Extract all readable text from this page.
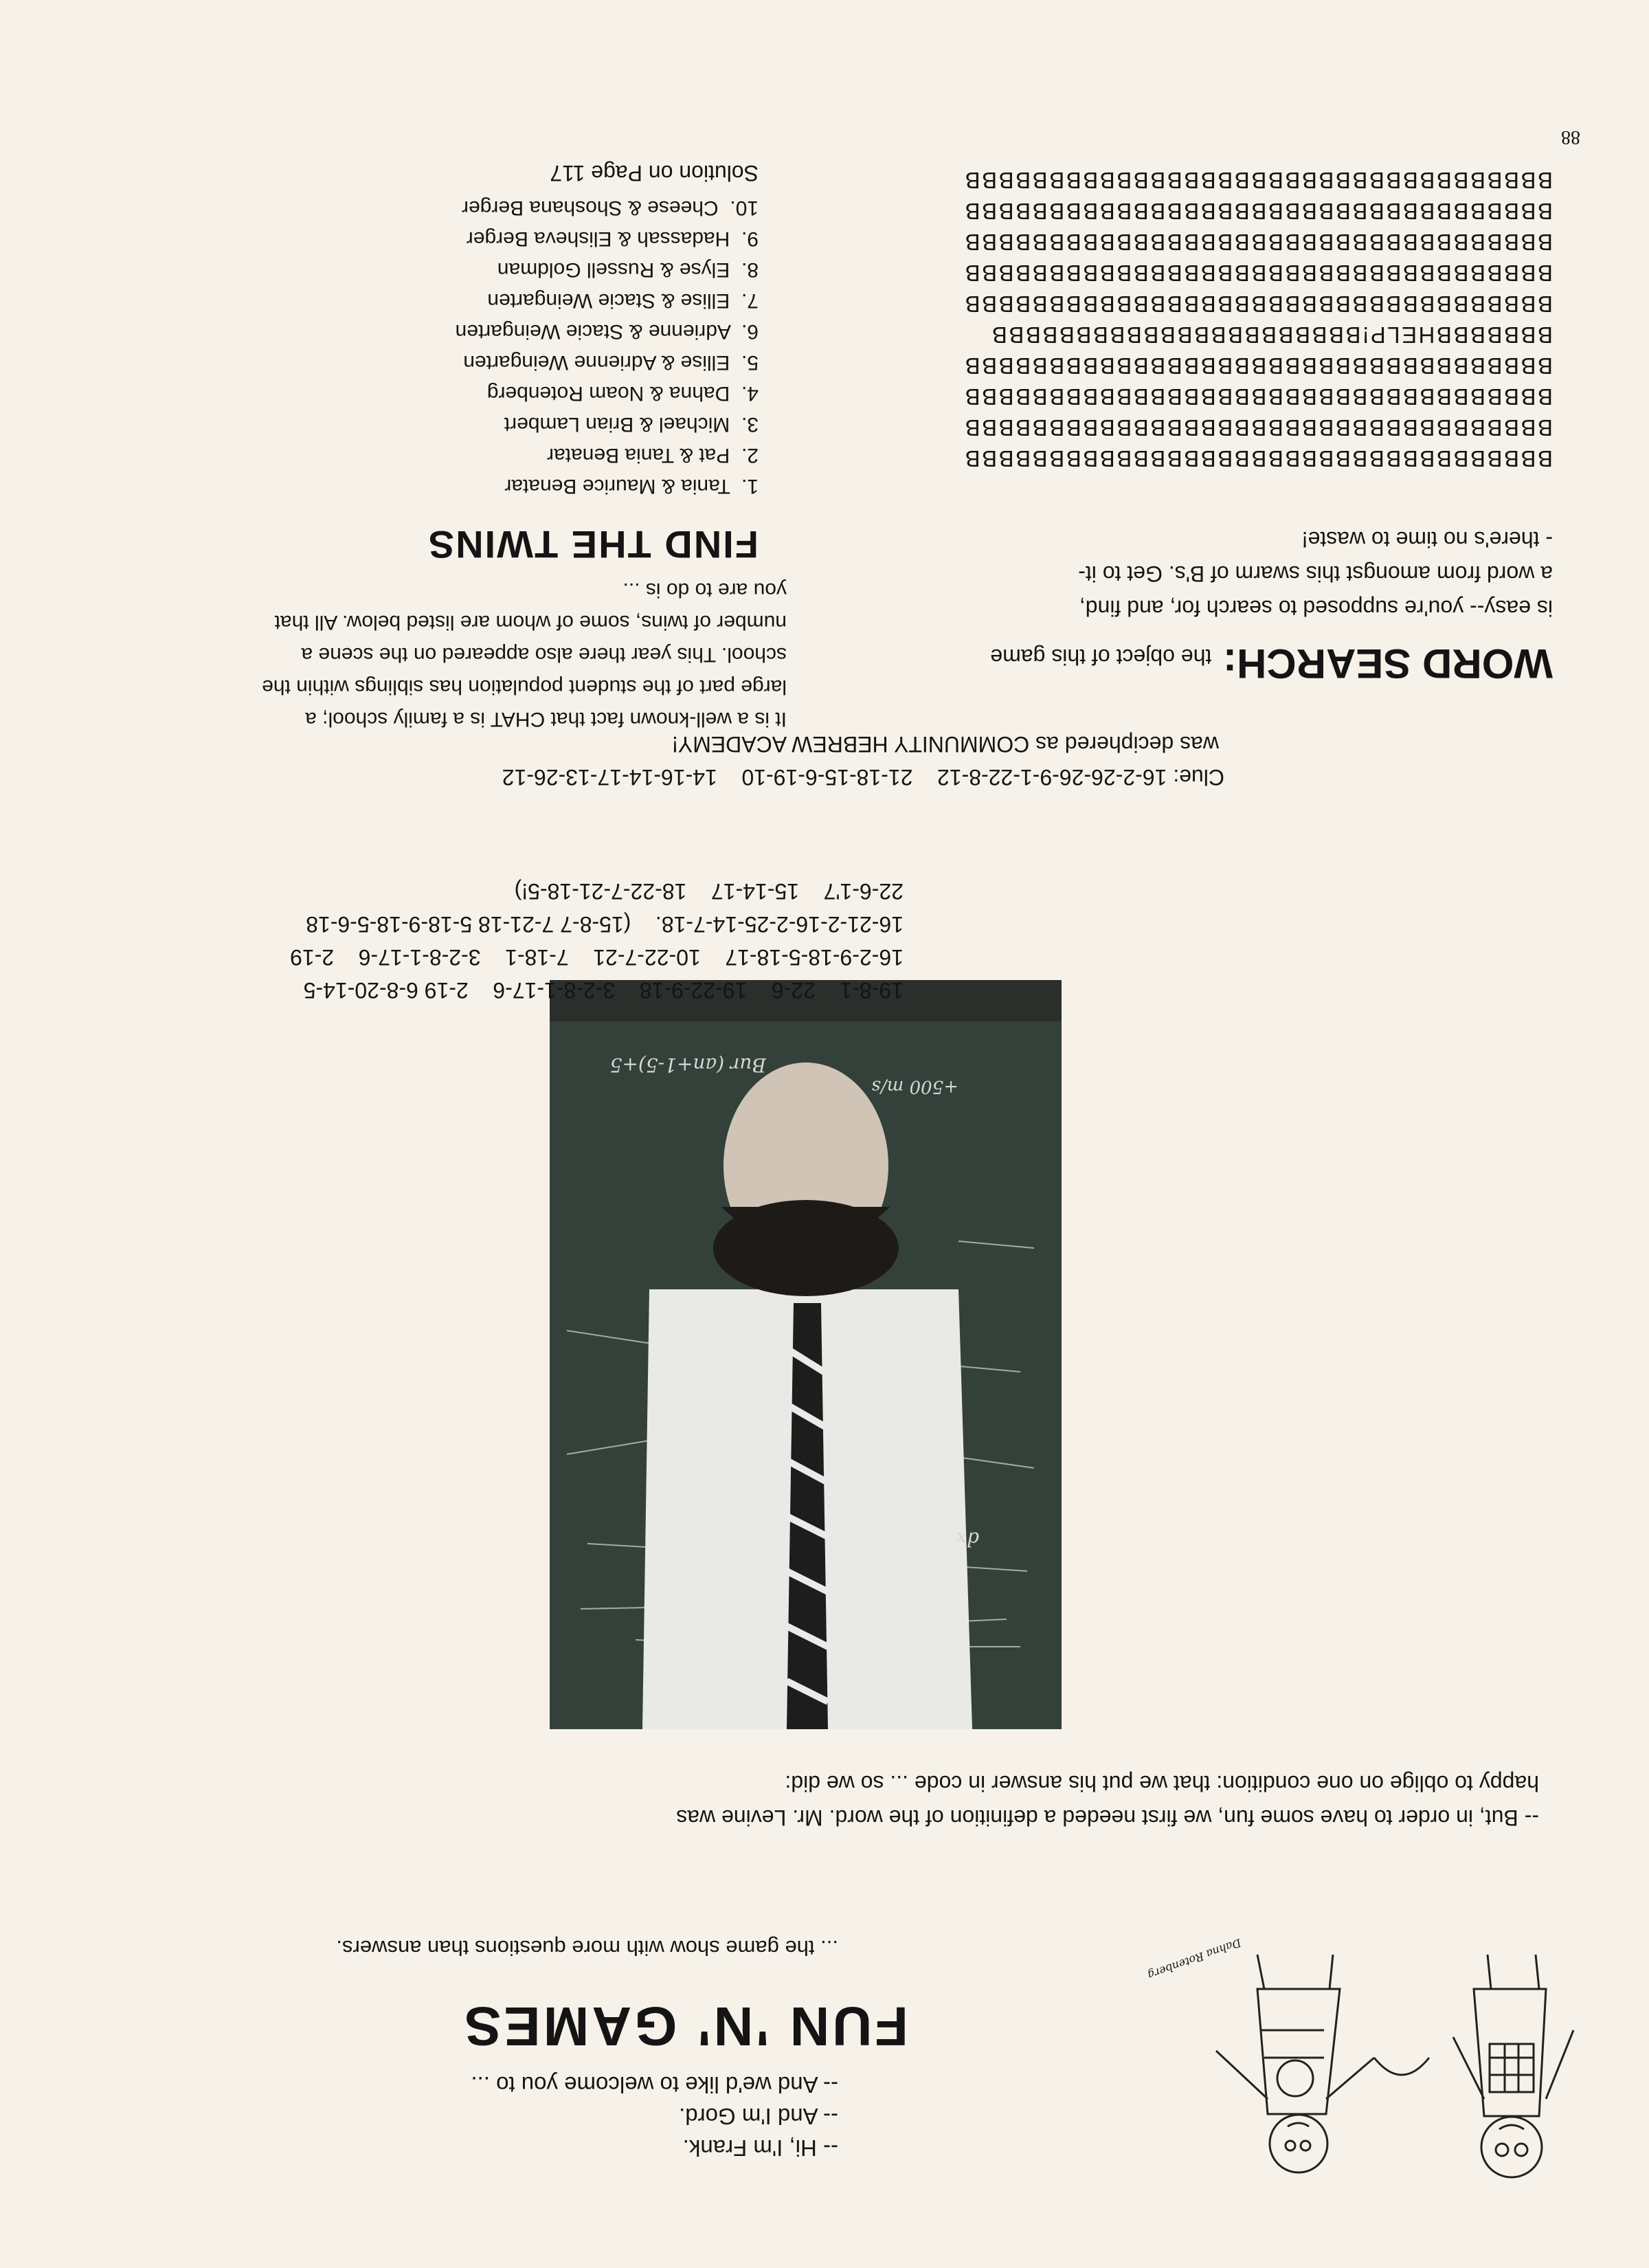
Dahna Rotenberg
-- Hi, I'm Frank.
-- And I'm Gord.
-- And we'd like to welcome you to ...
FUN 'N' GAMES
... the game show with more questions than answers.
-- But, in order to have some fun, we first needed a definition of the word. Mr. Levine was
happy to oblige on one condition: that we put his answer in code ... so we did:
dx
Bur (an+1-5)+5
+500 m/s
19-8-1    22-6    19-22-9-18    3-2-8-1-17-6    2-19 6-8-20-14-5
16-2-9-18-5-18-17    10-22-7-21    7-18-1    3-2-8-1-17-6    2-19
16-21-2-16-2-25-14-7-18.    (15-8-7 7-21-18 5-18-9-18-5-6-18
22-6-1'7    15-14-17    18-22-7-21-18-5!)
Clue: 16-2-26-26-9-1-22-8-12    21-18-15-6-19-10    14-16-14-17-13-26-12
was deciphered as COMMUNITY HEBREW ACADEMY!
It is a well-known fact that CHAT is a family school; a
large part of the student population has siblings within the
school. This year there also appeared on the scene a
number of twins, some of whom are listed below. All that
you are to do is ...
FIND THE TWINS
1.  Tania & Maurice Benatar
2.  Pat & Tania Benatar
3.  Michael & Brian Lambert
4.  Dahna & Noam Rotenberg
5.  Ellise & Adrienne Weingarten
6.  Adrienne & Stacie Weingarten
7.  Ellise & Stacie Weingarten
8.  Elyse & Russell Goldman
9.  Hadassah & Elisheva Berger
10.  Cheese & Shoshana Berger
Solution on Page 117
WORD SEARCH: the object of this game
is easy-- you're supposed to search for, and find,
a word from amongst this swarm of B's. Get to it-
- there's no time to waste!
BBBBBBBBBBBBBBBBBBBBBBBBBBBBBBBBBBB
BBBBBBBBBBBBBBBBBBBBBBBBBBBBBBBBBBB
BBBBBBBBBBBBBBBBBBBBBBBBBBBBBBBBBBB
BBBBBBBBBBBBBBBBBBBBBBBBBBBBBBBBBBB
BBBBBBBHELP!BBBBBBBBBBBBBBBBBBBBBB
BBBBBBBBBBBBBBBBBBBBBBBBBBBBBBBBBBB
BBBBBBBBBBBBBBBBBBBBBBBBBBBBBBBBBBB
BBBBBBBBBBBBBBBBBBBBBBBBBBBBBBBBBBB
BBBBBBBBBBBBBBBBBBBBBBBBBBBBBBBBBBB
BBBBBBBBBBBBBBBBBBBBBBBBBBBBBBBBBBB
88
